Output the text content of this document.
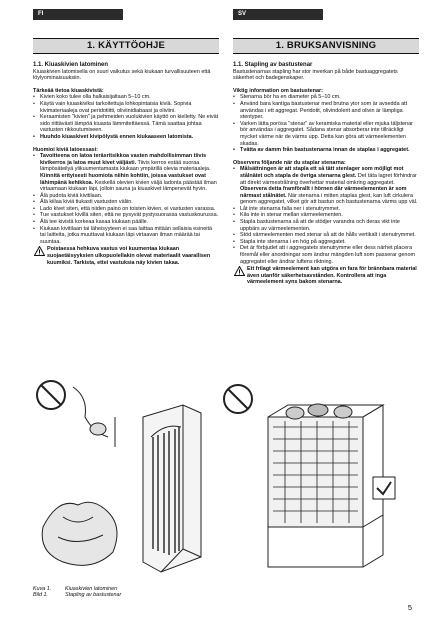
FI	SV
1. KÄYTTÖOHJE

1.1. Kiuaskivien latominen

Kiuaskivien latomisella on suuri vaikutus sekä kiukaan turvallisuuteen että löylyominaisuuksiin.

Tärkeää tietoa kiuaskivistä:

• Kivien koko tulee olla halkaisijaltaan 5–10 cm.
• Käytä vain kiuaskiviksi tarkoitettuja lohkopintaisia kiviä. Sopivia kivimateriaaleja ovat peridotiitti, oliviinidiabaasi ja oliviini.
• Keraamisten "kivien" ja pehmeiden vuolukivien käyttö on kielletty. Ne eivät sido riittävästi lämpöä kiuasta lämmitettäessä. Tämä saattaa johtaa vastusten rikkoutumiseen.
• Huuhdo kiuaskivet kivipölystä ennen kiukaaseen latomista.

Huomioi kiviä latoessasi:

• Tavoitteena on latoa teräsritsikkoa vasten mahdollisimman tiivis kivikerros ja latoa muut kivet väljästi. Tiivis kerros estää suoraa lämpösäteilyä ylikuumentamasta kiukaan ympärillä olevia materiaaleja. Kiinnitä erityisesti huomiota niihin kohtiin, joissa vastukset ovat lähimpänä kehikkoa. Keskellä olevien kivien väljä ladonta päästää ilman virtaamaan kiukaan läpi, jolloin sauna ja kiuaskivet lämpenevät hyvin.
• Älä pudota kiviä kivitilaan.
• Älä kiilaa kiviä tiukasti vastusten väliin.
• Lado kivet siten, että niiden paino on toisten kivien, ei vastusten varassa.
• Tue vastukset kivillä siten, että ne pysyvät pystysuorassa vastuskourussa.
• Älä tee kivistä korkeaa kasaa kiukaan päälle.
• Kiukaan kivitilaan tai läheisyyteen ei saa laittaa mitään sellaisia esineitä tai laitteita, jotka muuttavat kiukaan läpi virtaavan ilman määrää tai suuntaa.
Poistaessa hehkuva vastus voi kuumentaa kiukaan suojaetäisyyksien ulkopuolellakin olevat materiaalit vaarallisen kuumiksi. Tarkista, ettei vastuksia näy kivien takaa.
1. BRUKSANVISNING

1.1. Stapling av bastustenar

Bastustenarnas stapling har stor inverkan på både bastuaggregatets säkerhet och badegenskaper.

Viktig information om bastustenar:

• Stenarna bör ha en diameter på 5–10 cm.
• Använd bara kantiga bastustenar med brutna ytor som är avsedda att användas i ett aggregat. Peridotit, olivindolerit and olivin är lämpliga stentyper.
• Varken lätta porösa "stenar" av keramiska material eller mjuka täljstenar bör användas i aggregatet. Sådana stenar absorberar inte tillräckligt mycket värme när de värms upp. Detta kan göra att värmeelementen skadas.
• Tvätta av damm från bastustenarna innan de staplas i aggregatet.

Observera följande när du staplar stenarna:

• Målsättningen är att stapla ett så tätt stenlager som möjligt mot stålnätet och stapla de övriga stenarna glest. Det täta lagret förhindrar att direkt värmestrålning överhettar material omkring aggregatet. Observera detta framförallt i hörnen där värmeelementen är som närmast stålnätet. När stenarna i mitten staplas glest, kan luft cirkulera genom aggregatet, vilket gör att bastun och bastustenarna värms upp väl.
• Låt inte stenarna falla ner i stenutrymmet.
• Kila inte in stenar mellan värmeelementen.
• Stapla bastustenarna så att de stödjer varandra och deras vikt inte uppbärs av värmeelementen.
• Stöd värmeelementen med stenar så att de hålls vertikalt i stenutrymmet.
• Stapla inte stenarna i en hög på aggregatet.
• Det är förbjudet att i aggregatets stenutrymme eller dess närhet placera föremål eller anordningar som ändrar mängden luft som passerar genom aggregatet eller ändrar luftens riktning.
Ett frilagt värmeelement kan utgöra en fara för brännbara material även utanför säkerhetsavstånden. Kontrollera att inga värmeelement syns bakom stenarna.
Kuva 1.	Kiuaskivien latominen
Bild 1.	Stapling av bastustenar
5
